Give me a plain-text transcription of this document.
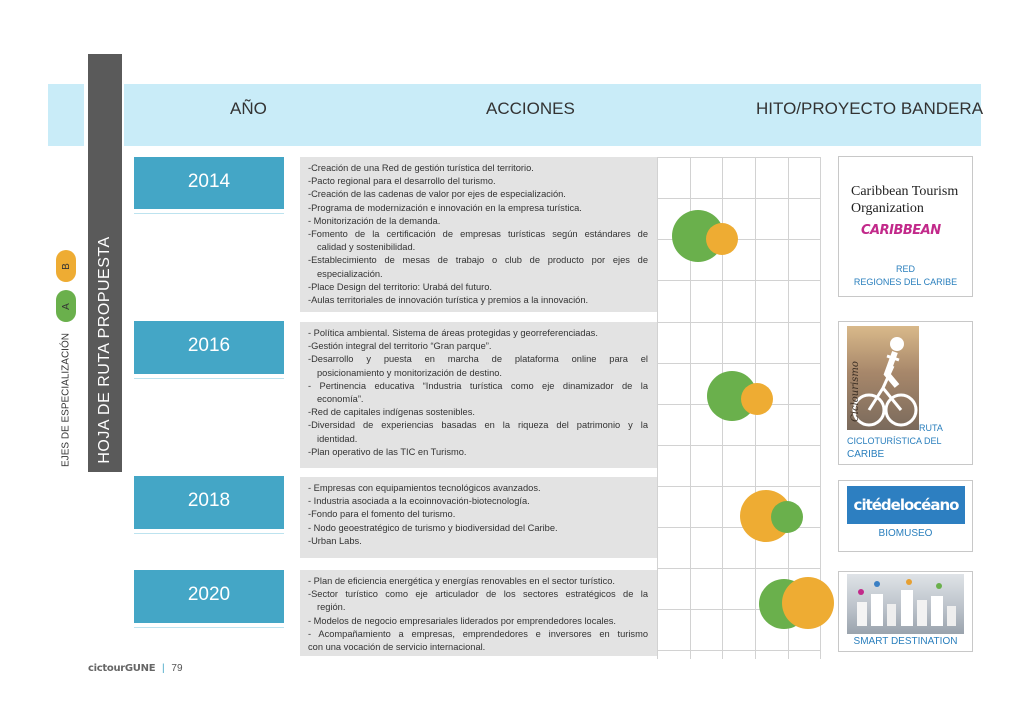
AÑO	ACCIONES	HITO/PROYECTO BANDERA
HOJA DE RUTA PROPUESTA
EJES DE ESPECIALIZACIÓN
B
A
2014
2016
2018
2020
-Creación de una Red de gestión turística del territorio.
-Pacto regional para el desarrollo del turismo.
-Creación de las cadenas de valor por ejes de especialización.
-Programa de modernización e innovación en la empresa turística.
- Monitorización de la demanda.
-Fomento de la certificación de empresas turísticas según estándares de
calidad y sostenibilidad.
-Establecimiento de mesas de trabajo o club de producto por ejes de
especialización.
-Place Design del territorio: Urabá del futuro.
-Aulas territoriales de innovación turística y premios a la innovación.
- Política ambiental. Sistema de áreas protegidas y georreferenciadas.
-Gestión integral del territorio “Gran parque”.
-Desarrollo y puesta en marcha de plataforma online para el
posicionamiento y monitorización de destino.
- Pertinencia educativa “Industria turística como eje dinamizador de la
economía”.
-Red de capitales indígenas sostenibles.
-Diversidad de experiencias basadas en la riqueza del patrimonio y la
identidad.
-Plan operativo de las TIC en Turismo.
- Empresas con equipamientos tecnológicos avanzados.
- Industria asociada a la ecoinnovación-biotecnología.
-Fondo para el fomento del turismo.
- Nodo geoestratégico de turismo y biodiversidad del Caribe.
-Urban Labs.
- Plan de eficiencia energética y energías renovables en el sector turístico.
-Sector turístico como eje articulador de los sectores estratégicos de la
región.
- Modelos de negocio empresariales liderados por emprendedores locales.
- Acompañamiento a empresas, emprendedores e inversores en turismo
con una vocación de servicio internacional.
Caribbean Tourism
Organization
CARIBBEAN
RED
REGIONES DEL CARIBE
Ciclourismo
RUTA
CICLOTURÍSTICA DEL
CARIBE
citédelocéano
BIOMUSEO
SMART DESTINATION
cictourGUNE | 79
